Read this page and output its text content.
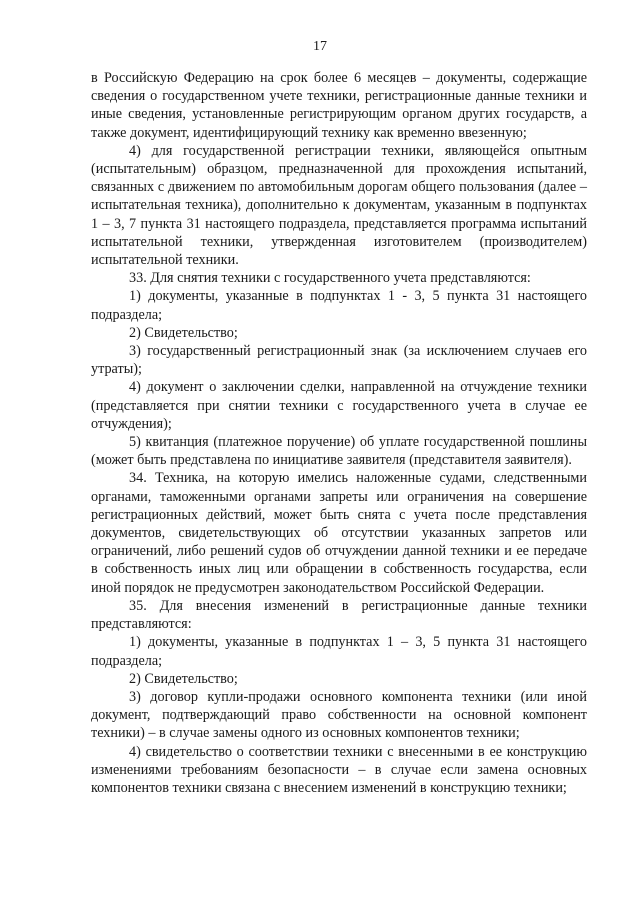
17

в Российскую Федерацию на срок более 6 месяцев – документы, содержащие сведения о государственном учете техники, регистрационные данные техники и иные сведения, установленные регистрирующим органом других государств, а также документ, идентифицирующий технику как временно ввезенную;

4) для государственной регистрации техники, являющейся опытным (испытательным) образцом, предназначенной для прохождения испытаний, связанных с движением по автомобильным дорогам общего пользования (далее – испытательная техника), дополнительно к документам, указанным в подпунктах 1 – 3, 7 пункта 31 настоящего подраздела, представляется программа испытаний испытательной техники, утвержденная изготовителем (производителем) испытательной техники.

33. Для снятия техники с государственного учета представляются:

1) документы, указанные в подпунктах 1 - 3, 5 пункта 31 настоящего подраздела;

2) Свидетельство;

3) государственный регистрационный знак (за исключением случаев его утраты);

4) документ о заключении сделки, направленной на отчуждение техники (представляется при снятии техники с государственного учета в случае ее отчуждения);

5) квитанция (платежное поручение) об уплате государственной пошлины (может быть представлена по инициативе заявителя (представителя заявителя).

34. Техника, на которую имелись наложенные судами, следственными органами, таможенными органами запреты или ограничения на совершение регистрационных действий, может быть снята с учета после представления документов, свидетельствующих об отсутствии указанных запретов или ограничений, либо решений судов об отчуждении данной техники и ее передаче в собственность иных лиц или обращении в собственность государства, если иной порядок не предусмотрен законодательством Российской Федерации.

35. Для внесения изменений в регистрационные данные техники представляются:

1) документы, указанные в подпунктах 1 – 3, 5 пункта 31 настоящего подраздела;

2) Свидетельство;

3) договор купли-продажи основного компонента техники (или иной документ, подтверждающий право собственности на основной компонент техники) – в случае замены одного из основных компонентов техники;

4) свидетельство о соответствии техники с внесенными в ее конструкцию изменениями требованиям безопасности – в случае если замена основных компонентов техники связана с внесением изменений в конструкцию техники;
